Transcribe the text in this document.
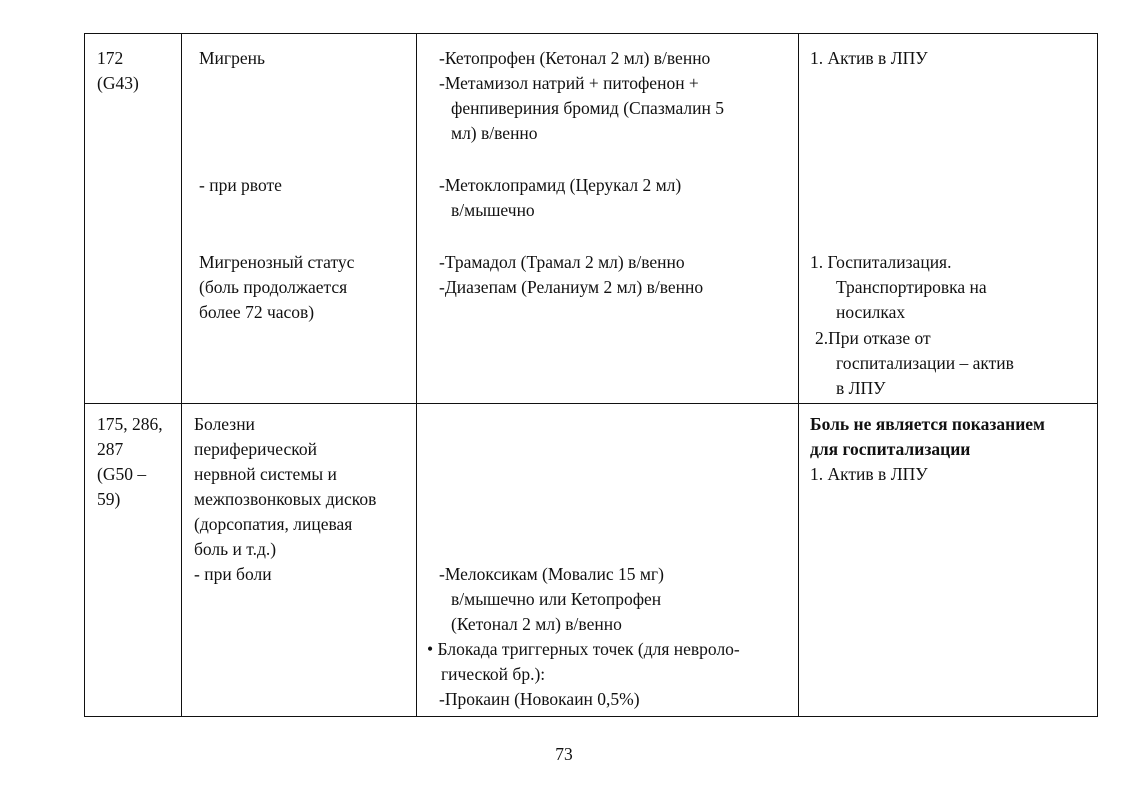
172
(G43)
Мигрень
- при рвоте
Мигренозный статус
(боль продолжается
более 72 часов)
-Кетопрофен (Кетонал 2 мл) в/венно
-Метамизол натрий + питофенон +
фенпивериния бромид (Спазмалин 5
мл) в/венно
-Метоклопрамид (Церукал 2 мл)
в/мышечно
-Трамадол (Трамал 2 мл) в/венно
-Диазепам (Реланиум 2 мл) в/венно
1. Актив в ЛПУ
1. Госпитализация.
Транспортировка на
носилках
2.При отказе от
госпитализации – актив
в ЛПУ
175, 286,
287
(G50 –
59)
Болезни
периферической
нервной системы и
межпозвонковых дисков
(дорсопатия, лицевая
боль и т.д.)
- при боли	-Мелоксикам (Мовалис 15 мг)
в/мышечно или Кетопрофен
(Кетонал 2 мл) в/венно
• Блокада триггерных точек (для невроло-
гической бр.):
-Прокаин (Новокаин 0,5%)
Боль не является показанием
для госпитализации
1. Актив в ЛПУ
73
